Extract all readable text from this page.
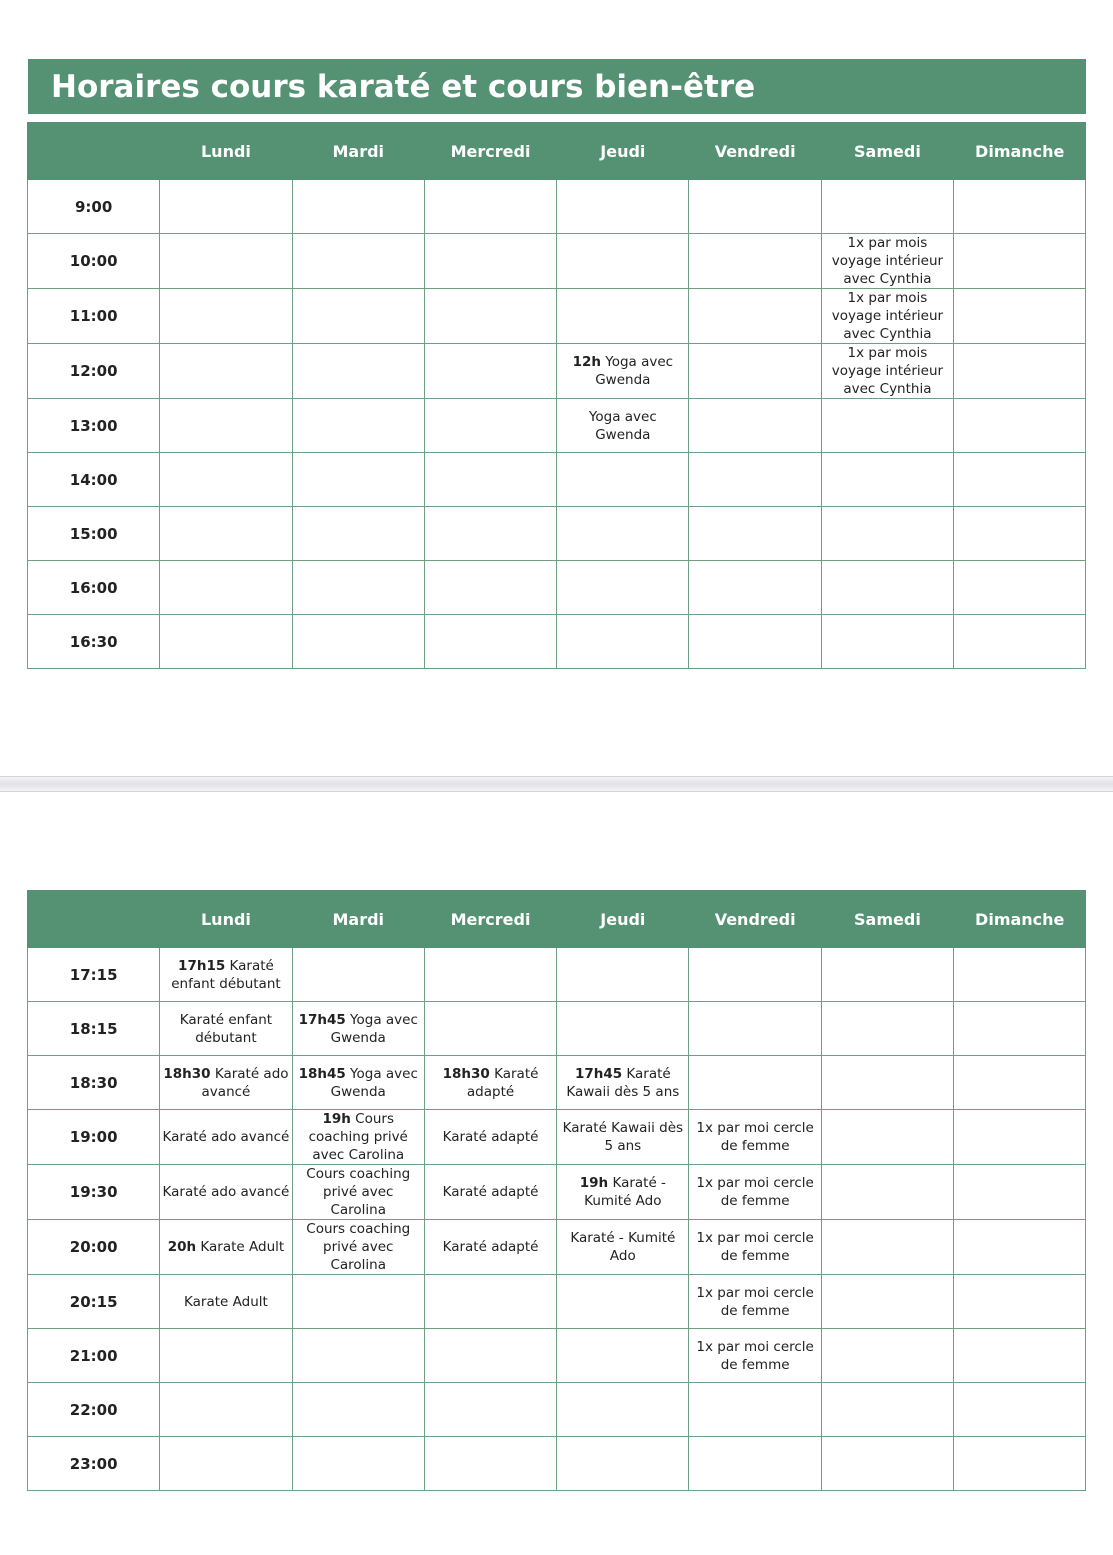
Horaires cours karaté et cours bien-être
	Lundi	Mardi	Mercredi	Jeudi	Vendredi	Samedi	Dimanche
9:00							
10:00						1x par mois voyage intérieur avec Cynthia	
11:00						1x par mois voyage intérieur avec Cynthia	
12:00				12h Yoga avec Gwenda		1x par mois voyage intérieur avec Cynthia	
13:00				Yoga avec Gwenda			
14:00							
15:00							
16:00							
16:30							
	Lundi	Mardi	Mercredi	Jeudi	Vendredi	Samedi	Dimanche
17:15	17h15 Karaté enfant débutant						
18:15	Karaté enfant débutant	17h45 Yoga avec Gwenda					
18:30	18h30 Karaté ado avancé	18h45 Yoga avec Gwenda	18h30 Karaté adapté	17h45 Karaté Kawaii dès 5 ans			
19:00	Karaté ado avancé	19h Cours coaching privé avec Carolina	Karaté adapté	Karaté Kawaii dès 5 ans	1x par moi cercle de femme		
19:30	Karaté ado avancé	Cours coaching privé avec Carolina	Karaté adapté	19h Karaté - Kumité Ado	1x par moi cercle de femme		
20:00	20h Karate Adult	Cours coaching privé avec Carolina	Karaté adapté	Karaté - Kumité Ado	1x par moi cercle de femme		
20:15	Karate Adult				1x par moi cercle de femme		
21:00					1x par moi cercle de femme		
22:00							
23:00							
